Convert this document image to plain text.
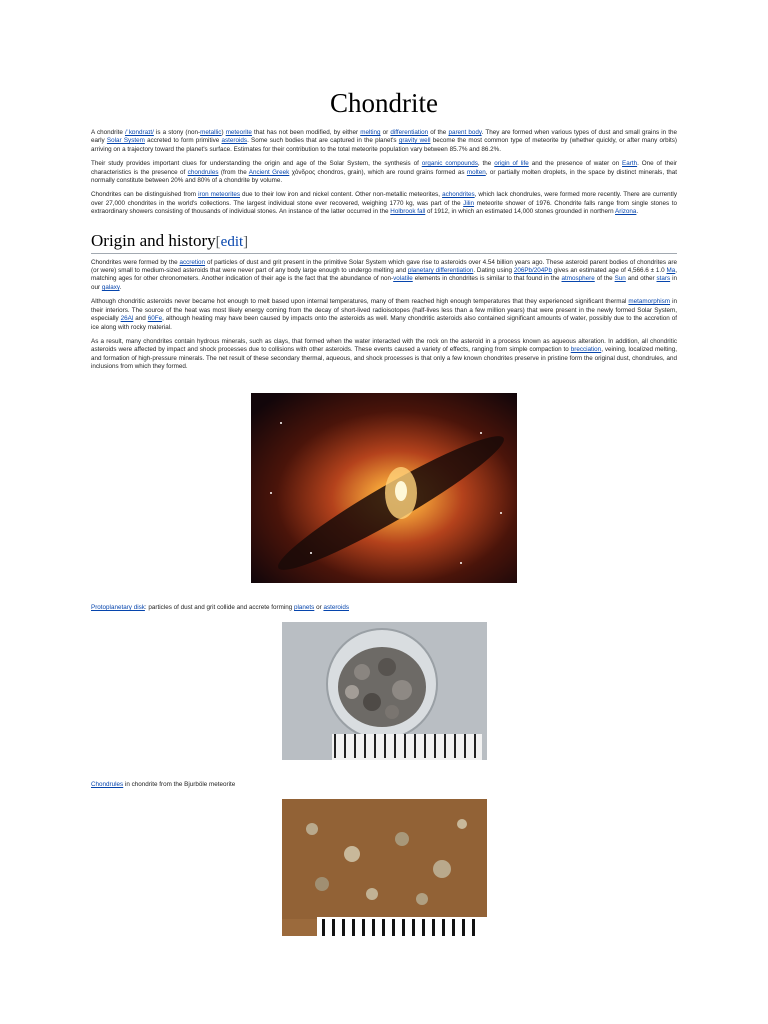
Chondrite

A chondrite /ˈkɒndraɪt/ is a stony (non-metallic) meteorite that has not been modified, by either melting or differentiation of the parent body. They are formed when various types of dust and small grains in the early Solar System accreted to form primitive asteroids. Some such bodies that are captured in the planet's gravity well become the most common type of meteorite by (whether quickly, or after many orbits) arriving on a trajectory toward the planet's surface. Estimates for their contribution to the total meteorite population vary between 85.7% and 86.2%.

Their study provides important clues for understanding the origin and age of the Solar System, the synthesis of organic compounds, the origin of life and the presence of water on Earth. One of their characteristics is the presence of chondrules (from the Ancient Greek χόνδρος chondros, grain), which are round grains formed as molten, or partially molten droplets, in the space by distinct minerals, that normally constitute between 20% and 80% of a chondrite by volume.

Chondrites can be distinguished from iron meteorites due to their low iron and nickel content. Other non-metallic meteorites, achondrites, which lack chondrules, were formed more recently. There are currently over 27,000 chondrites in the world's collections. The largest individual stone ever recovered, weighing 1770 kg, was part of the Jilin meteorite shower of 1976. Chondrite falls range from single stones to extraordinary showers consisting of thousands of individual stones. An instance of the latter occurred in the Holbrook fall of 1912, in which an estimated 14,000 stones grounded in northern Arizona.

Origin and history[edit]

Chondrites were formed by the accretion of particles of dust and grit present in the primitive Solar System which gave rise to asteroids over 4.54 billion years ago. These asteroid parent bodies of chondrites are (or were) small to medium-sized asteroids that were never part of any body large enough to undergo melting and planetary differentiation. Dating using 206Pb/204Pb gives an estimated age of 4,566.6 ± 1.0 Ma, matching ages for other chronometers. Another indication of their age is the fact that the abundance of non-volatile elements in chondrites is similar to that found in the atmosphere of the Sun and other stars in our galaxy.

Although chondritic asteroids never became hot enough to melt based upon internal temperatures, many of them reached high enough temperatures that they experienced significant thermal metamorphism in their interiors. The source of the heat was most likely energy coming from the decay of short-lived radioisotopes (half-lives less than a few million years) that were present in the newly formed Solar System, especially 26Al and 60Fe, although heating may have been caused by impacts onto the asteroids as well. Many chondritic asteroids also contained significant amounts of water, possibly due to the accretion of ice along with rocky material.

As a result, many chondrites contain hydrous minerals, such as clays, that formed when the water interacted with the rock on the asteroid in a process known as aqueous alteration. In addition, all chondritic asteroids were affected by impact and shock processes due to collisions with other asteroids. These events caused a variety of effects, ranging from simple compaction to brecciation, veining, localized melting, and formation of high-pressure minerals. The net result of these secondary thermal, aqueous, and shock processes is that only a few known chondrites preserve in pristine form the original dust, chondrules, and inclusions from which they formed.

Protoplanetary disk: particles of dust and grit collide and accrete forming planets or asteroids
Chondrules in chondrite from the Bjurböle meteorite
